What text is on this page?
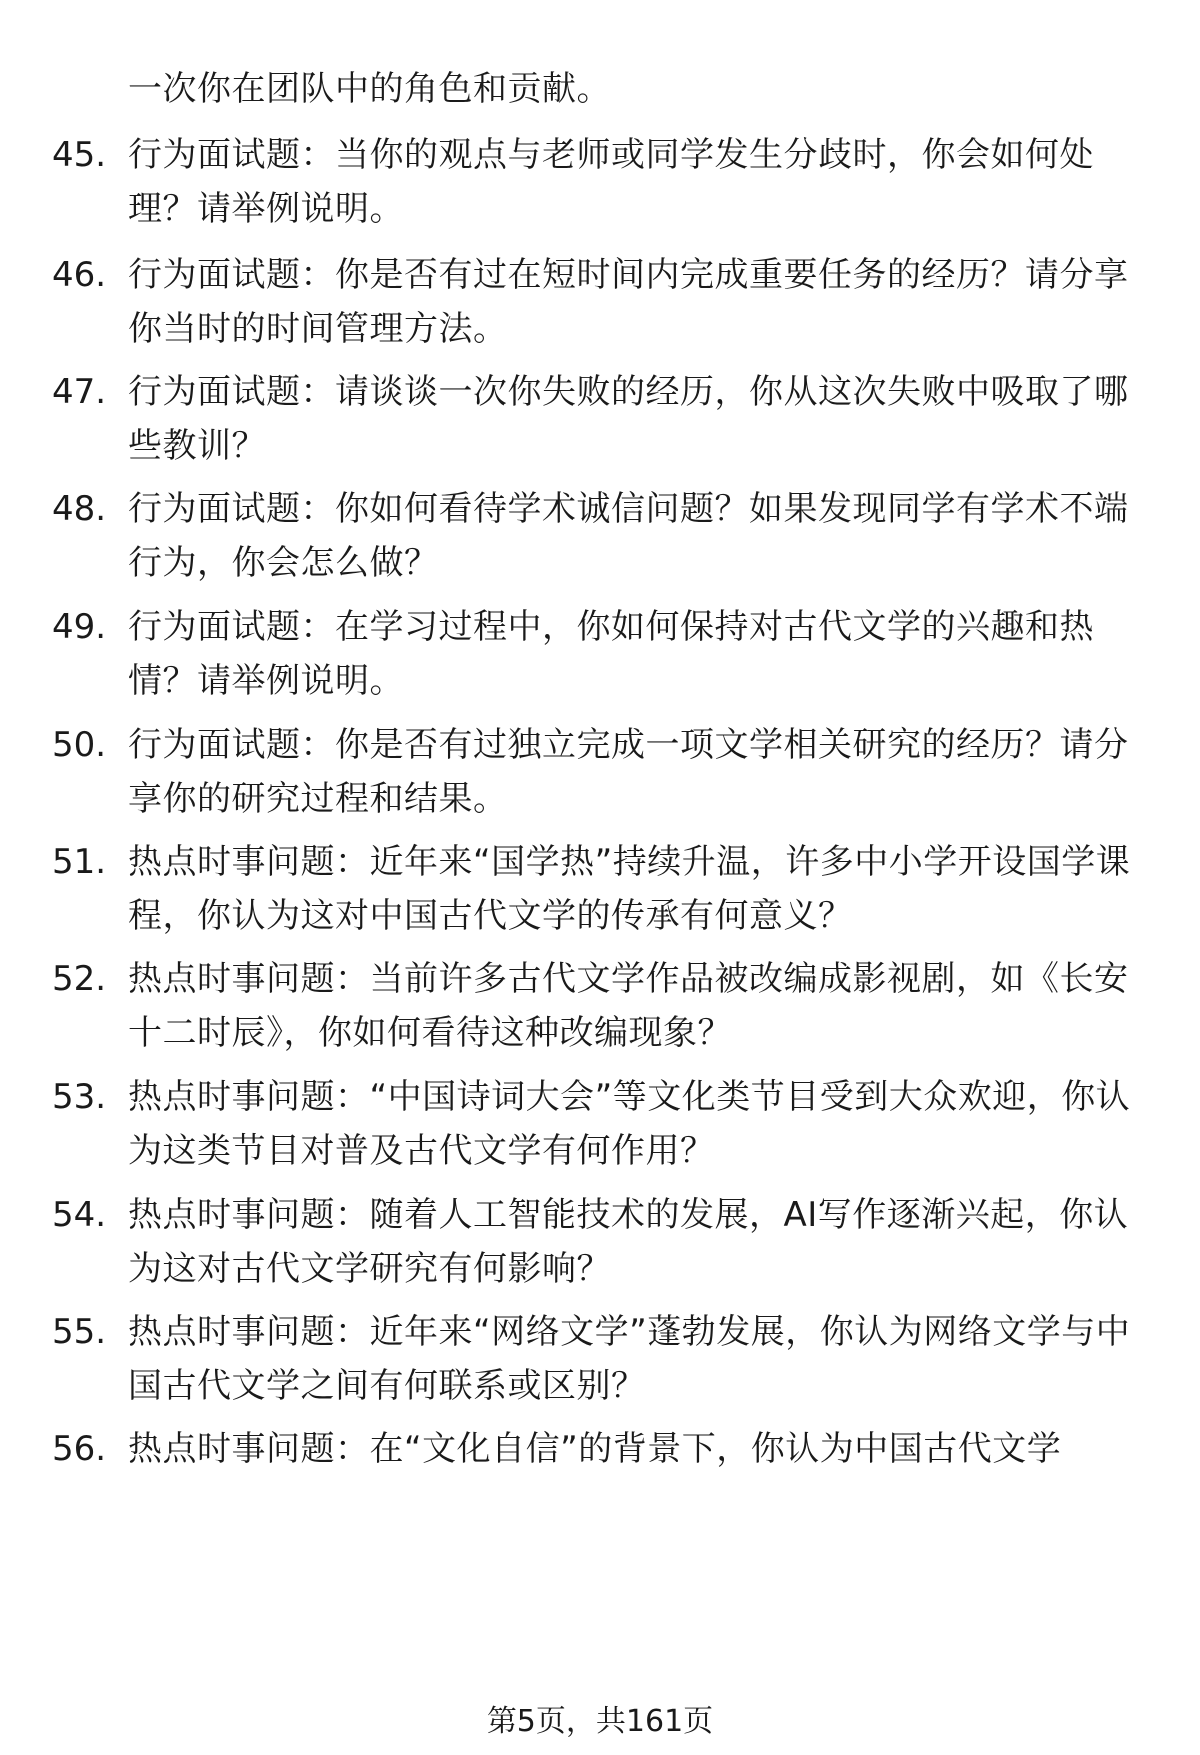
一次你在团队中的角色和贡献。
45. 行为面试题：当你的观点与老师或同学发生分歧时，你会如何处理？请举例说明。
46. 行为面试题：你是否有过在短时间内完成重要任务的经历？请分享你当时的时间管理方法。
47. 行为面试题：请谈谈一次你失败的经历，你从这次失败中吸取了哪些教训？
48. 行为面试题：你如何看待学术诚信问题？如果发现同学有学术不端行为，你会怎么做？
49. 行为面试题：在学习过程中，你如何保持对古代文学的兴趣和热情？请举例说明。
50. 行为面试题：你是否有过独立完成一项文学相关研究的经历？请分享你的研究过程和结果。
51. 热点时事问题：近年来“国学热”持续升温，许多中小学开设国学课程，你认为这对中国古代文学的传承有何意义？
52. 热点时事问题：当前许多古代文学作品被改编成影视剧，如《长安十二时辰》，你如何看待这种改编现象？
53. 热点时事问题：“中国诗词大会”等文化类节目受到大众欢迎，你认为这类节目对普及古代文学有何作用？
54. 热点时事问题：随着人工智能技术的发展，AI写作逐渐兴起，你认为这对古代文学研究有何影响？
55. 热点时事问题：近年来“网络文学”蓬勃发展，你认为网络文学与中国古代文学之间有何联系或区别？
56. 热点时事问题：在“文化自信”的背景下，你认为中国古代文学
第5页，共161页
